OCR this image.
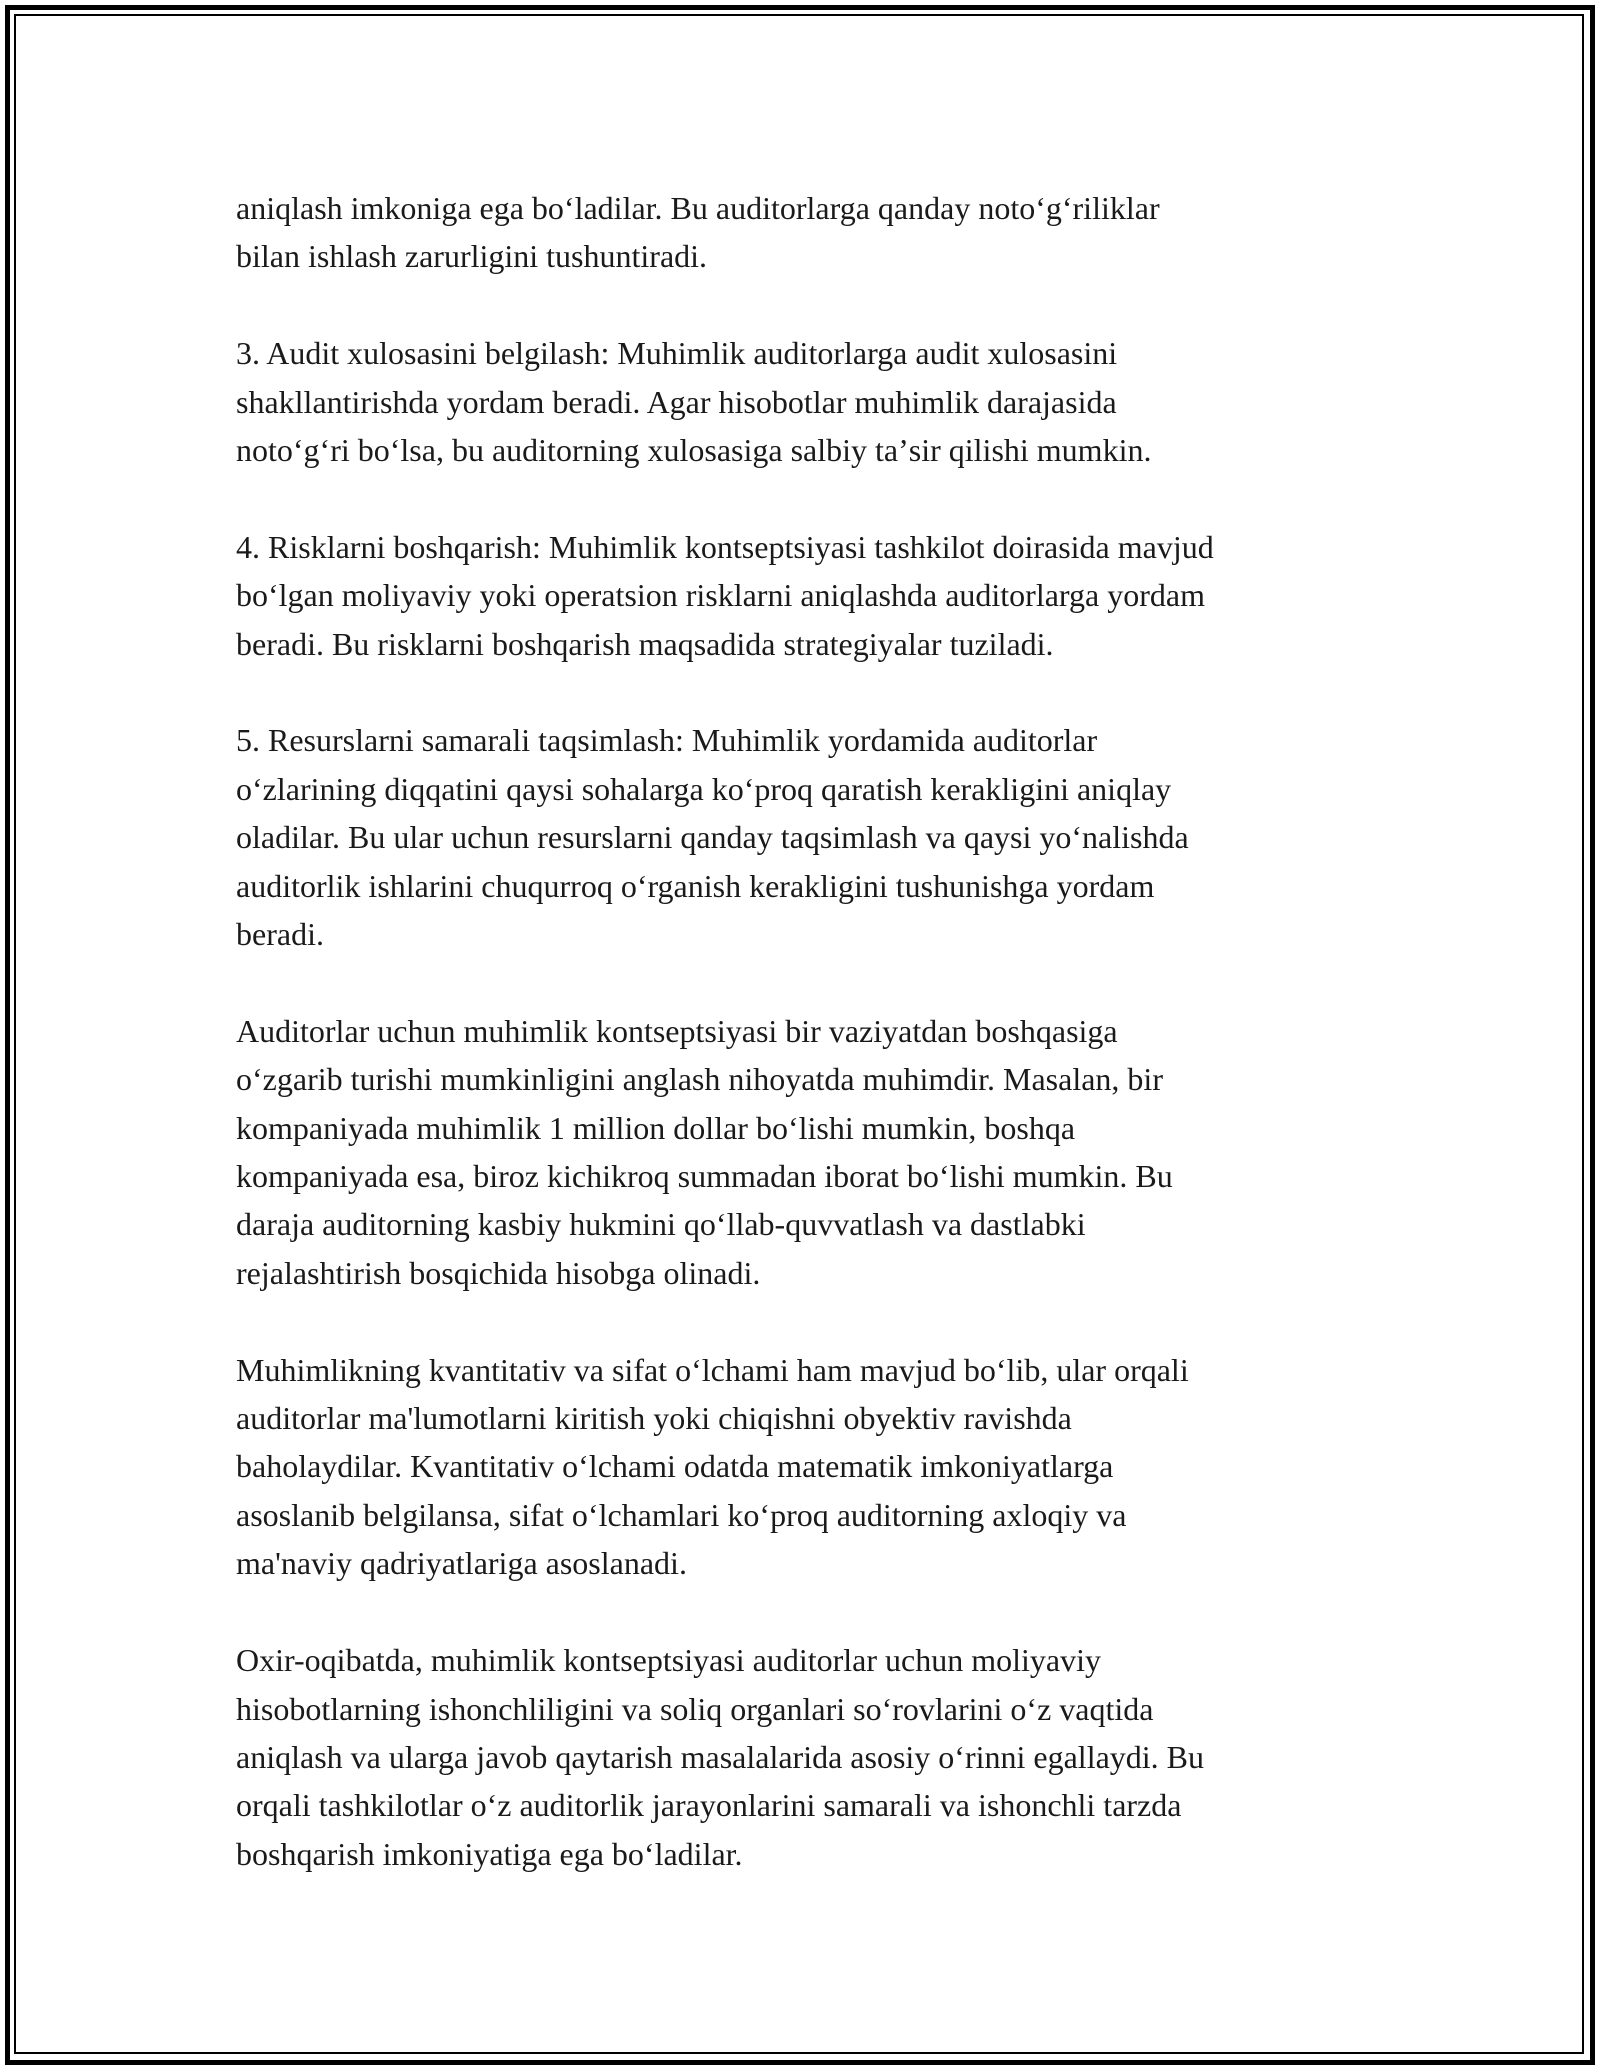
aniqlash imkoniga ega boʻladilar. Bu auditorlarga qanday notoʻgʻriliklar
bilan ishlash zarurligini tushuntiradi.

3. Audit xulosasini belgilash: Muhimlik auditorlarga audit xulosasini
shakllantirishda yordam beradi. Agar hisobotlar muhimlik darajasida
notoʻgʻri boʻlsa, bu auditorning xulosasiga salbiy taʼsir qilishi mumkin.

4. Risklarni boshqarish: Muhimlik kontseptsiyasi tashkilot doirasida mavjud
boʻlgan moliyaviy yoki operatsion risklarni aniqlashda auditorlarga yordam
beradi. Bu risklarni boshqarish maqsadida strategiyalar tuziladi.

5. Resurslarni samarali taqsimlash: Muhimlik yordamida auditorlar
oʻzlarining diqqatini qaysi sohalarga koʻproq qaratish kerakligini aniqlay
oladilar. Bu ular uchun resurslarni qanday taqsimlash va qaysi yoʻnalishda
auditorlik ishlarini chuqurroq oʻrganish kerakligini tushunishga yordam
beradi.

Auditorlar uchun muhimlik kontseptsiyasi bir vaziyatdan boshqasiga
oʻzgarib turishi mumkinligini anglash nihoyatda muhimdir. Masalan, bir
kompaniyada muhimlik 1 million dollar boʻlishi mumkin, boshqa
kompaniyada esa, biroz kichikroq summadan iborat boʻlishi mumkin. Bu
daraja auditorning kasbiy hukmini qoʻllab-quvvatlash va dastlabki
rejalashtirish bosqichida hisobga olinadi.

Muhimlikning kvantitativ va sifat oʻlchami ham mavjud boʻlib, ular orqali
auditorlar ma'lumotlarni kiritish yoki chiqishni obyektiv ravishda
baholaydilar. Kvantitativ oʻlchami odatda matematik imkoniyatlarga
asoslanib belgilansa, sifat oʻlchamlari koʻproq auditorning axloqiy va
ma'naviy qadriyatlariga asoslanadi.

Oxir-oqibatda, muhimlik kontseptsiyasi auditorlar uchun moliyaviy
hisobotlarning ishonchliligini va soliq organlari soʻrovlarini oʻz vaqtida
aniqlash va ularga javob qaytarish masalalarida asosiy oʻrinni egallaydi. Bu
orqali tashkilotlar oʻz auditorlik jarayonlarini samarali va ishonchli tarzda
boshqarish imkoniyatiga ega boʻladilar.
